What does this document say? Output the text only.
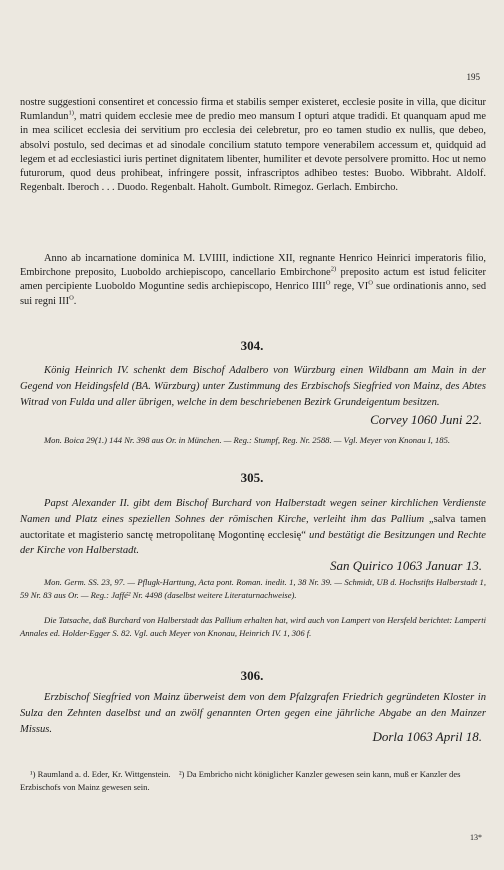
195

nostre suggestioni consentiret et concessio firma et stabilis semper existeret, ecclesie posite in villa, que dicitur Rumlandun$^{1)}$, matri quidem ecclesie mee de predio meo mansum I opturi atque tradidi. Et quanquam apud me in mea scilicet ecclesia dei servitium pro ecclesia dei celebretur, pro eo tamen studio ex nullis, que debeo, absolvi postulo, sed decimas et ad sinodale concilium statuto tempore venerabilem accessum et, quidquid ad legem et ad ecclesiastici iuris pertinet dignitatem libenter, humiliter et devote persolvere promitto. Hoc ut nemo futurorum, quod deus prohibeat, infringere possit, infrascriptos adhibeo testes: Buobo. Wibbraht. Aldolf. Regenbalt. Iberoch . . . Duodo. Regenbalt. Haholt. Gumbolt. Rimegoz. Gerlach. Embircho.

Anno ab incarnatione dominica M. LVIIII, indictione XII, regnante Henrico Heinrici imperatoris filio, Embirchone preposito, Luoboldo archiepiscopo, cancellario Embirchone$^{2)}$ preposito actum est istud feliciter amen percipiente Luoboldo Moguntine sedis archiepiscopo, Henrico $IIII^O$ rege, $VI^O$ sue ordinationis anno, sed sui regni $III^O$.

304.

König Heinrich IV. schenkt dem Bischof Adalbero von Würzburg einen Wildbann am Main in der Gegend von Heidingsfeld (BA. Würzburg) unter Zustimmung des Erzbischofs Siegfried von Mainz, des Abtes Witrad von Fulda und aller übrigen, welche in dem beschriebenen Bezirk Grundeigentum besitzen.

Corvey 1060 Juni 22.

Mon. Boica 29(1.) 144 Nr. 398 aus Or. in München. — Reg.: Stumpf, Reg. Nr. 2588. — Vgl. Meyer von Knonau I, 185.

305.

Papst Alexander II. gibt dem Bischof Burchard von Halberstadt wegen seiner kirchlichen Verdienste Namen und Platz eines speziellen Sohnes der römischen Kirche, verleiht ihm das Pallium „salva tamen auctoritate et magisterio sanctę metropolitanę Mogontinę ecclesię“ und bestätigt die Besitzungen und Rechte der Kirche von Halberstadt.

San Quirico 1063 Januar 13.

Mon. Germ. SS. 23, 97. — Pflugk-Harttung, Acta pont. Roman. inedit. 1, 38 Nr. 39. — Schmidt, UB d. Hochstifts Halberstadt 1, 59 Nr. 83 aus Or. — Reg.: Jaffé² Nr. 4498 (daselbst weitere Literaturnachweise).

Die Tatsache, daß Burchard von Halberstadt das Pallium erhalten hat, wird auch von Lampert von Hersfeld berichtet: Lamperti Annales ed. Holder-Egger S. 82. Vgl. auch Meyer von Knonau, Heinrich IV. 1, 306 f.

306.

Erzbischof Siegfried von Mainz überweist dem von dem Pfalzgrafen Friedrich gegründeten Kloster in Sulza den Zehnten daselbst und an zwölf genannten Orten gegen eine jährliche Abgabe an den Mainzer Missus.	Dorla 1063 April 18.

¹) Raumland a. d. Eder, Kr. Wittgenstein. ²) Da Embricho nicht königlicher Kanzler gewesen sein kann, muß er Kanzler des Erzbischofs von Mainz gewesen sein.

13*
